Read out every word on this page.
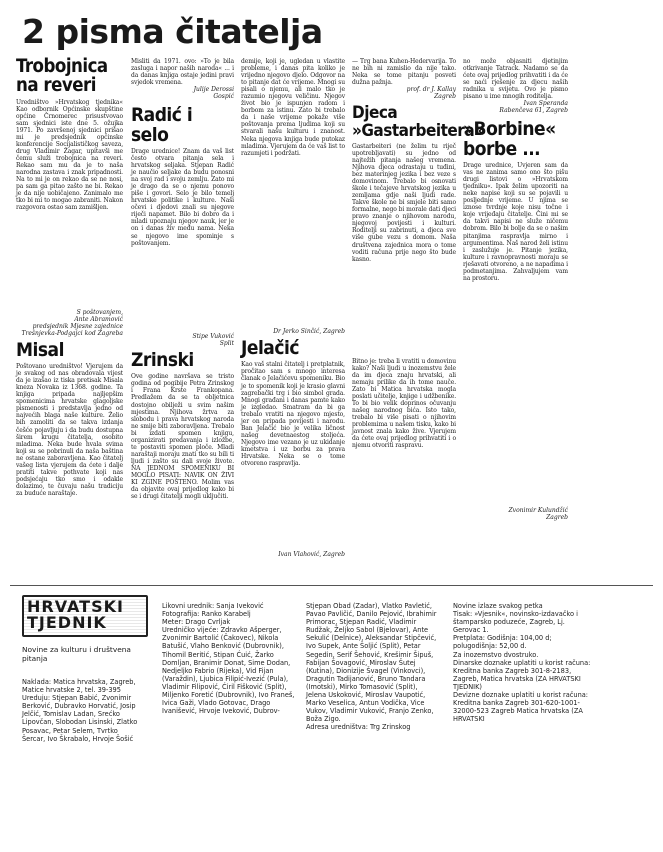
2 pisma čitatelja
Trobojnica na reveri
Uredništvo »Hrvatskog tjednika« Kao odbornik Općinske skupštine općine Črnomerec prisustvovao sam sjednici iste dne 5. ožujka 1971. Po završenoj sjednici prišao mi je predsjednik općinske konferencije Socijalističkog saveza, drug Vladimir Žagar, upitavši me čemu služi trobojnica na reveri. Rekao sam mu da je to naša narodna zastava i znak pripadnosti. Na to mi je on rekao da se ne nosi, pa sam ga pitao zašto ne bi. Rekao je da nije uobičajeno. Zanimalo me tko bi mi to mogao zabraniti. Nakon razgovora ostao sam zamišljen.
S poštovanjem,
Ante Abramović
predsjednik Mjesne zajednice Trešnjevka-Podgajci kod Zagreba
Misal
Poštovano uredništvo! Vjerujem da je svakog od nas obradovala vijest da je izašao iz tiska pretisak Misala kneza Novaka iz 1368. godine. Ta knjiga pripada najljepšim spomenicima hrvatske glagoljske pismenosti i predstavlja jedno od najvećih blaga naše kulture. Želio bih zamoliti da se takva izdanja češće pojavljuju i da budu dostupna širem krugu čitatelja, osobito mladima. Neka bude hvala svima koji su se pobrinuli da naša baština ne ostane zaboravljena. Kao čitatelj vašeg lista vjerujem da ćete i dalje pratiti takve pothvate koji nas podsjećaju tko smo i odakle dolazimo, te čuvaju našu tradiciju za buduće naraštaje.
Misliti da 1971. ovo: »To je bila zasluga i napor naših naroda« ... i da danas knjiga ostaje jedini pravi svjedok vremena.
Julije Derossi
Gospić
Radić i selo
Drage urednice! Znam da vaš list često otvara pitanja sela i hrvatskog seljaka. Stjepan Radić je naučio seljake da budu ponosni na svoj rad i svoju zemlju. Zato mi je drago da se o njemu ponovo piše i govori. Selo je bilo temelj hrvatske politike i kulture. Naši očevi i djedovi znali su njegove riječi napamet. Bilo bi dobro da i mladi upoznaju njegov nauk, jer je on i danas živ među nama. Neka se njegovo ime spominje s poštovanjem.
Stipe Vuković
Split
Zrinski
Ove godine navršava se tristo godina od pogibije Petra Zrinskog i Frana Krste Frankopana. Predlažem da se ta obljetnica dostojno obilježi u svim našim mjestima. Njihova žrtva za slobodu i prava hrvatskog naroda ne smije biti zaboravljena. Trebalo bi izdati spomen knjigu, organizirati predavanja i izložbe, te postaviti spomen ploče. Mladi naraštaji moraju znati tko su bili ti ljudi i zašto su dali svoje živote. NA JEDNOM SPOMENIKU BI MOGLO PISATI: NAVIK ON ŽIVI KI ZGINE POŠTENO. Molim vas da objavite ovaj prijedlog kako bi se i drugi čitatelji mogli uključiti.
demije, koji je, ugledan u vlastite probleme, i danas pita koliko je vrijedno njegovo djelo. Odgovor na to pitanje dat će vrijeme. Mnogi su pisali o njemu, ali malo tko je razumio njegovu veličinu. Njegov život bio je ispunjen radom i borbom za istinu. Zato bi trebalo da i naše vrijeme pokaže više poštovanja prema ljudima koji su stvarali našu kulturu i znanost. Neka njegova knjiga bude putokaz mladima. Vjerujem da će vaš list to razumjeti i podržati.
Dr Jerko Sinčić, Zagreb
Jelačić
Kao vaš stalni čitatelj i pretplatnik, pročitao sam s mnogo interesa članak o Jelačićevu spomeniku. Bio je to spomenik koji je krasio glavni zagrebački trg i bio simbol grada. Mnogi građani i danas pamte kako je izgledao. Smatram da bi ga trebalo vratiti na njegovo mjesto, jer on pripada povijesti i narodu. Ban Jelačić bio je velika ličnost našeg devetnaestog stoljeća. Njegovo ime vezano je uz ukidanje kmetstva i uz borbu za prava Hrvatske. Neka se o tome otvoreno raspravlja.
Ivan Vlahović, Zagreb
— Trg bana Kuhen-Hedervarija. To ne bih ni zamislio da nije tako. Neka se tome pitanju posveti dužna pažnja.
prof. dr J. Kallay
Zagreb
Djeca »Gastarbeitera«
Gastarbeiteri (ne želim tu riječ upotrebljavati) su jedno od najtežih pitanja našeg vremena. Njihova djeca odrastaju u tuđini, bez materinjeg jezika i bez veze s domovinom. Trebalo bi osnovati škole i tečajeve hrvatskog jezika u zemljama gdje naši ljudi rade. Takve škole ne bi smjele biti samo formalne, nego bi morale dati djeci pravo znanje o njihovom narodu, njegovoj povijesti i kulturi. Roditelji su zabrinuti, a djeca sve više gube vezu s domom. Naša društvena zajednica mora o tome voditi računa prije nego što bude kasno.
Bitno je: treba li vratiti u domovinu kako? Naši ljudi u inozemstvu žele da im djeca znaju hrvatski, ali nemaju prilike da ih tome nauče. Zato bi Matica hrvatska mogla poslati učitelje, knjige i udžbenike. To bi bio velik doprinos očuvanju našeg narodnog bića. Isto tako, trebalo bi više pisati o njihovim problemima u našem tisku, kako bi javnost znala kako žive. Vjerujem da ćete ovaj prijedlog prihvatiti i o njemu otvoriti raspravu.
no može objasniti djetinjim otkrivanje Tatrack. Nadamo se da ćete ovaj prijedlog prihvatiti i da će se naći rješenje za djecu naših radnika u svijetu. Ovo je pismo pisano u ime mnogih roditelja.
Ivan Speranda
Rabenčeva 61, Zagreb
»Borbine« borbe ...
Drage urednice, Uvjeren sam da vas ne zanima samo ono što pišu drugi listovi o »Hrvatskom tjedniku«. Ipak želim upozoriti na neke napise koji su se pojavili u posljednje vrijeme. U njima se iznose tvrdnje koje nisu točne i koje vrijeđaju čitatelje. Čini mi se da takvi napisi ne služe ničemu dobrom. Bilo bi bolje da se o našim pitanjima raspravlja mirno i argumentima. Naš narod želi istinu i zaslužuje je. Pitanje jezika, kulture i ravnopravnosti moraju se rješavati otvoreno, a ne napadima i podmetanjima. Zahvaljujem vam na prostoru.
Zvonimir Kulundžić
Zagreb
HRVATSKI
TJEDNIK
Novine za kulturu i društvena pitanja
Naklada: Matica hrvatska, Zagreb, Matice hrvatske 2, tel. 39-395
Ureduju: Stjepan Babić, Zvonimir Berković, Dubravko Horvatić, Josip Jelčić, Tomislav Ladan, Srećko Lipovčan, Slobodan Lisinski, Zlatko Posavac, Petar Selem, Tvrtko Šercar, Ivo Škrabalo, Hrvoje Šošić
Likovni urednik: Sanja Iveković
Fotografija: Ranko Karabelj
Meter: Drago Cvrljak
Uredničko vijeće: Zdravko Ašperger, Zvonimir Bartolić (Čakovec), Nikola Batušić, Vlaho Benković (Dubrovnik), Tihomil Beritić, Stipan Ćuić, Žarko Domljan, Branimir Donat, Sime Dodan, Nedjeljko Fabrio (Rijeka), Vid Fijan (Varaždin), Ljubica Filipić-Ivezić (Pula), Vladimir Filipović, Ćiril Fišković (Split), Miljenko Foretić (Dubrovnik), Ivo Franeš, Ivica Gaži, Vlado Gotovac, Drago Ivanišević, Hrvoje Iveković, Dubrov-
Stjepan Obad (Zadar), Vlatko Pavletić, Pavao Pavličić, Danilo Pejović, Ibrahimir Primorac, Stjepan Radić, Vladimir Rudžak, Željko Sabol (Bjelovar), Ante Sekulić (Delnice), Aleksandar Stipčević, Ivo Supek, Ante Šoljić (Split), Petar Segedin, Serif Šehović, Krešimir Šipuš, Fabijan Šovagović, Miroslav Šutej (Kutina), Dionizije Švagel (Vinkovci), Dragutin Tadijanović, Bruno Tandara (Imotski), Mirko Tomasović (Split), Jelena Uskoković, Miroslav Vaupotić, Marko Veselica, Antun Vodička, Vice Vukov, Vladimir Vuković, Franjo Zenko, Boža Zigo.
Adresa uredništva: Trg Zrinskog
Novine izlaze svakog petka
Tisak: »Vjesnik«, novinsko-izdavačko i štamparsko poduzeće, Zagreb, Lj. Gerovac 1.
Pretplata: Godišnja: 104,00 d; polugodišnja: 52,00 d.
Za inozemstvo dvostruko.
Dinarske doznake uplatiti u korist računa: Kreditna banka Zagreb 301-8-2183, Zagreb, Matica hrvatska (ZA HRVATSKI TJEDNIK)
Devizne doznake uplatiti u korist računa: Kreditna banka Zagreb 301-620-1001-32000-523 Zagreb Matica hrvatska (ZA HRVATSKI
